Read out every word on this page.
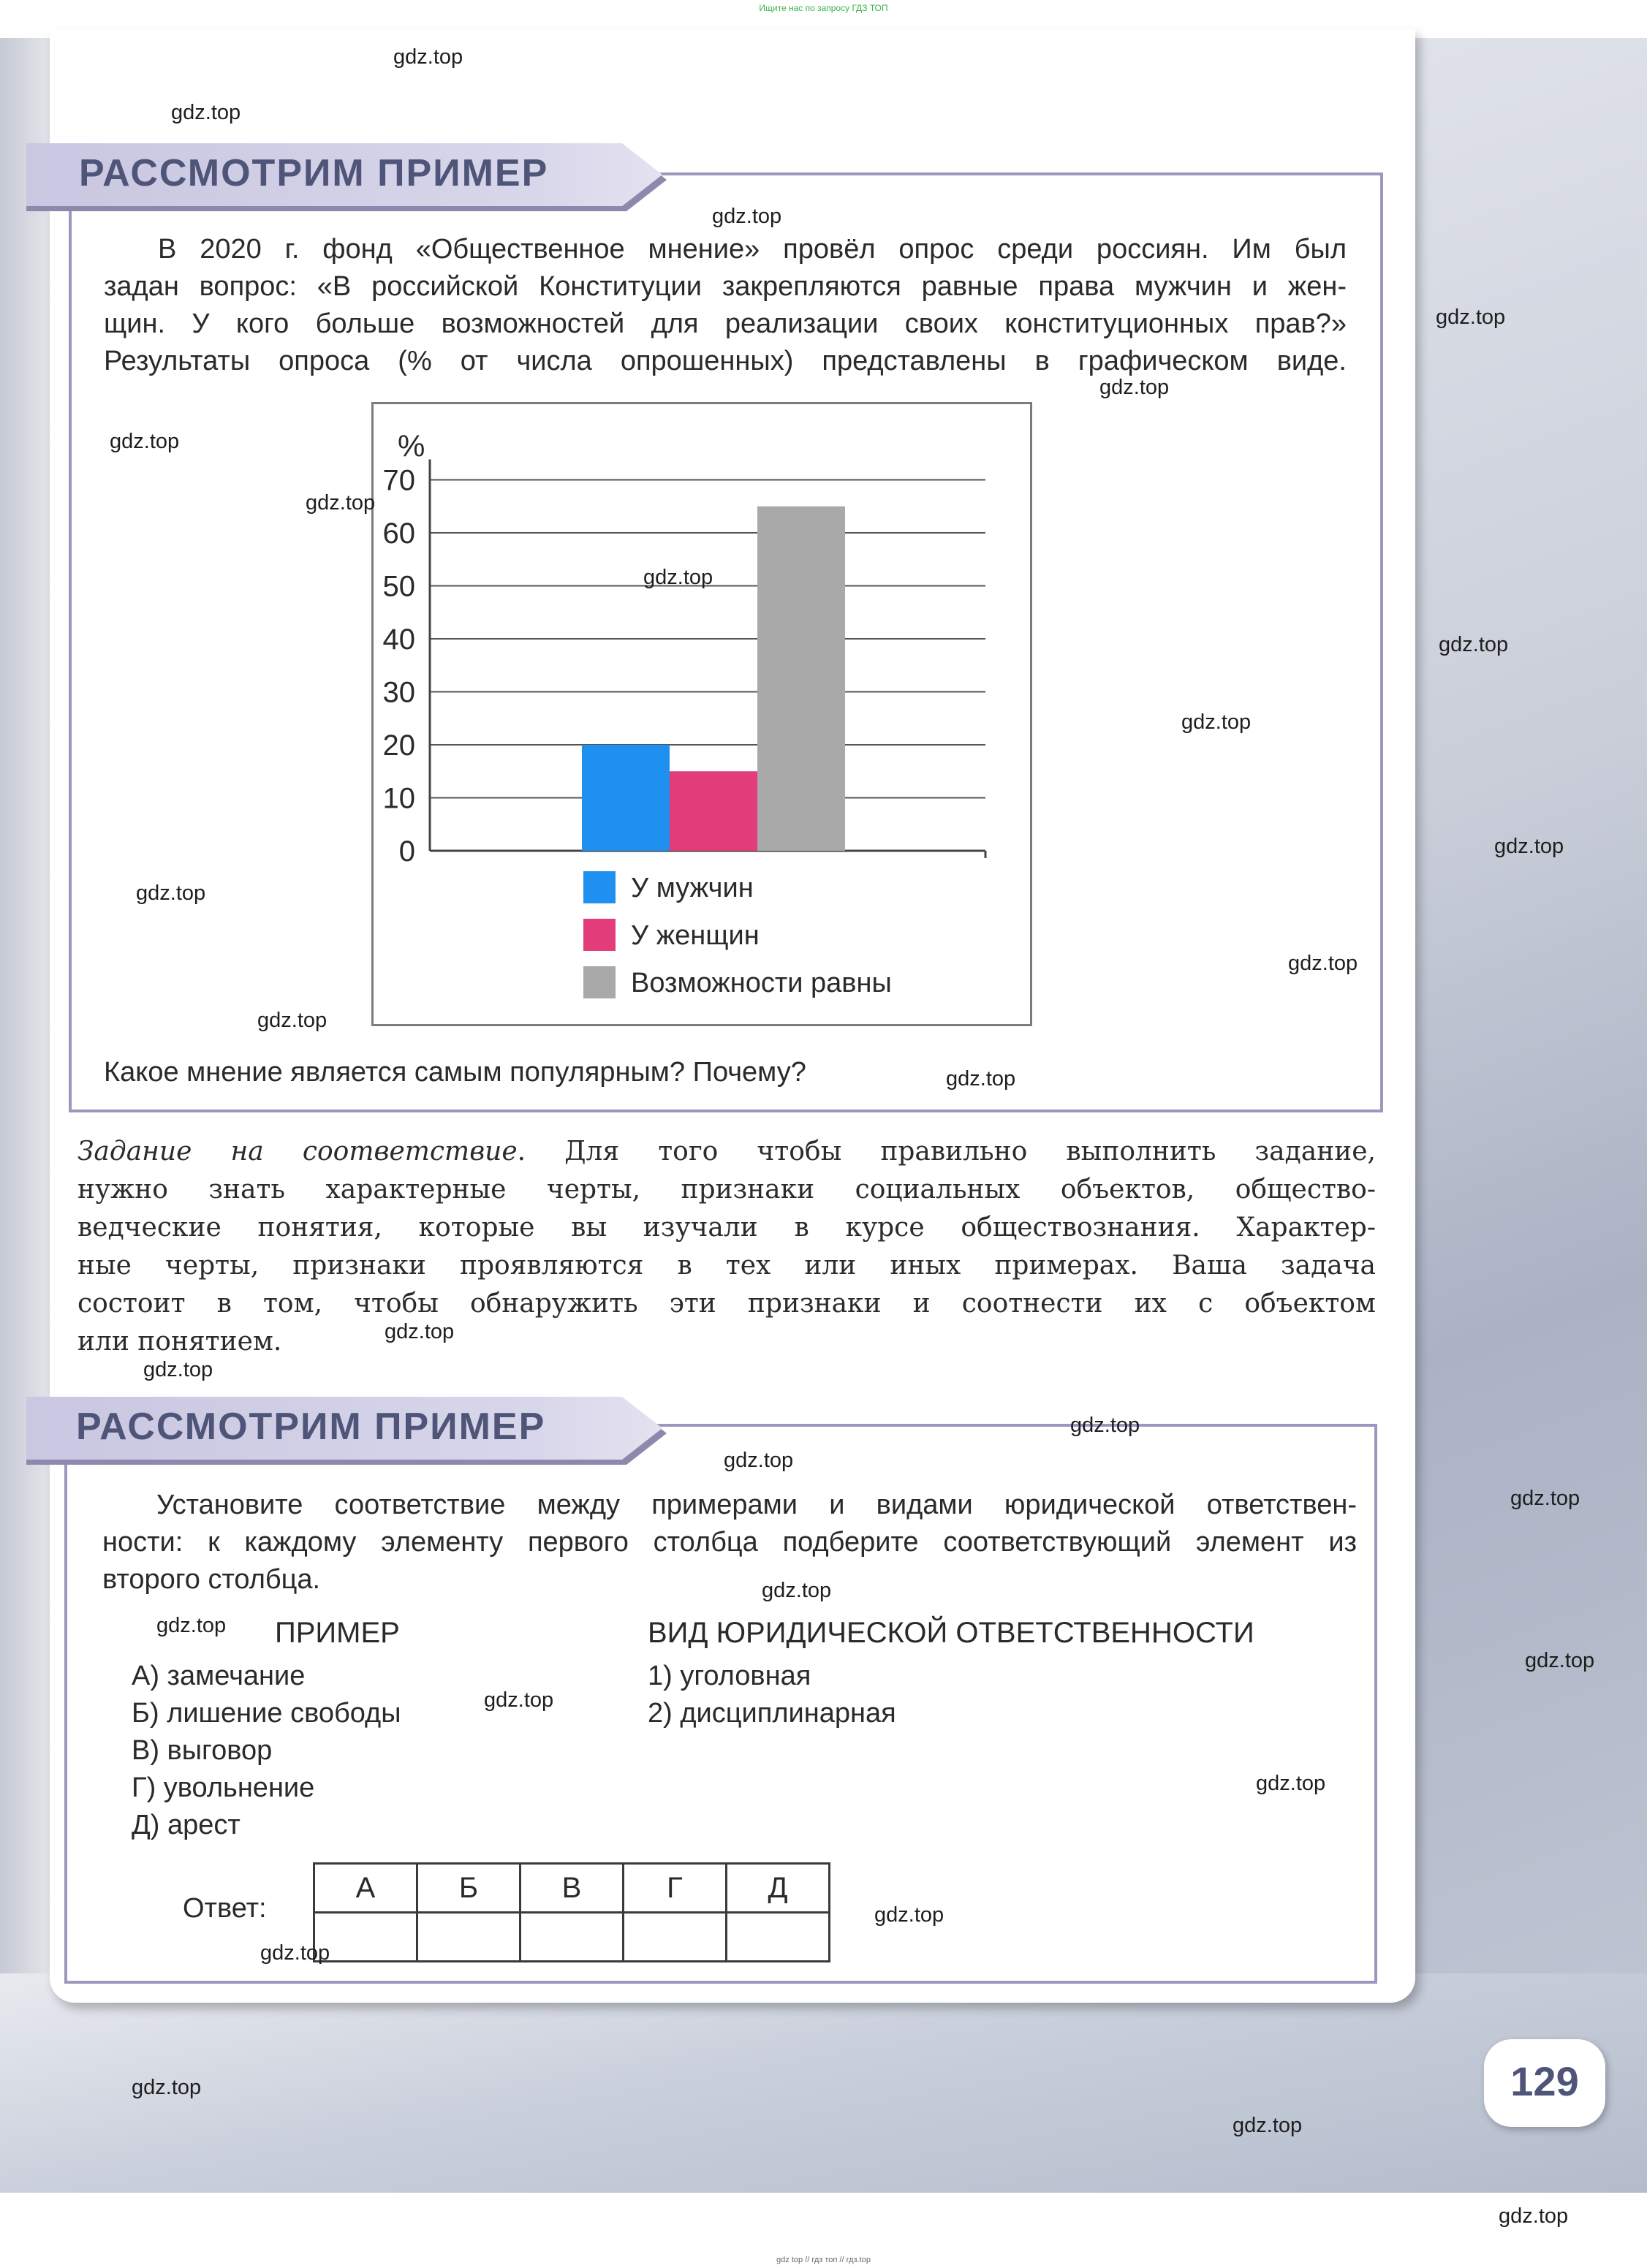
Ищите нас по запросу ГДЗ ТОП
РАССМОТРИМ ПРИМЕР
В 2020 г. фонд «Общественное мнение» провёл опрос среди россиян. Им был
задан вопрос: «В российской Конституции закрепляются равные права мужчин и жен-
щин. У кого больше возможностей для реализации своих конституционных прав?»
Результаты опроса (% от числа опрошенных) представлены в графическом виде.
0
10
20
30
40
50
60
70
%
У мужчин
У женщин
Возможности равны
Какое мнение является самым популярным? Почему?
Задание на соответствие. Для того чтобы правильно выполнить задание,
нужно знать характерные черты, признаки социальных объектов, общество-
ведческие понятия, которые вы изучали в курсе обществознания. Характер-
ные черты, признаки проявляются в тех или иных примерах. Ваша задача
состоит в том, чтобы обнаружить эти признаки и соотнести их с объектом
или понятием.
РАССМОТРИМ ПРИМЕР
Установите соответствие между примерами и видами юридической ответствен-
ности: к каждому элементу первого столбца подберите соответствующий элемент из
второго столбца.
ПРИМЕР	ВИД ЮРИДИЧЕСКОЙ ОТВЕТСТВЕННОСТИ
А) замечание
Б) лишение свободы
В) выговор
Г) увольнение
Д) арест
1) уголовная
2) дисциплинарная
Ответ:
А	Б	В	Г	Д

129
gdz.top
gdz.top
gdz.top
gdz.top
gdz.top
gdz.top
gdz.top
gdz.top
gdz.top
gdz.top
gdz.top
gdz.top
gdz.top
gdz.top
gdz.top
gdz.top
gdz.top
gdz.top
gdz.top
gdz.top
gdz.top
gdz.top
gdz.top
gdz.top
gdz.top
gdz.top
gdz.top
gdz.top
gdz.top
gdz.top
gdz top // гдз топ // гдз.top
